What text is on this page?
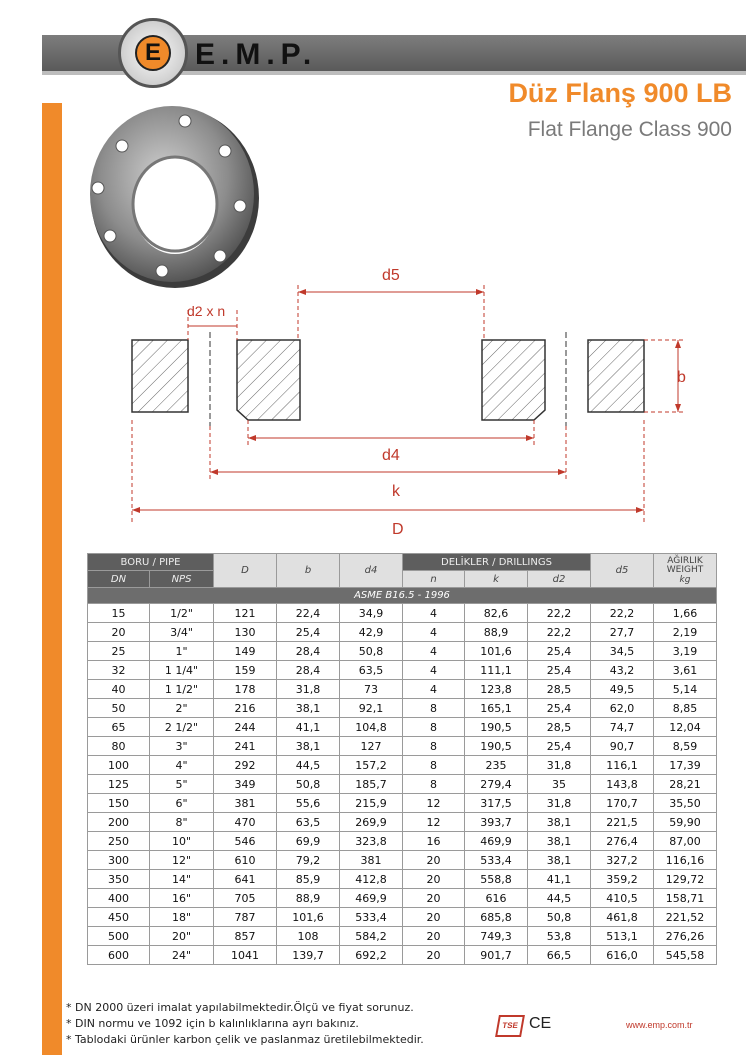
E	E.M.P.
Düz Flanş 900 LB
Flat Flange Class 900
d5
d2 x n
b
d4
k
D
BORU / PIPE		D	b	d4	DELİKLER / DRILLINGS			d5	AĞIRLIK
WEIGHT
kg

DN	NPS				n	k	d2		
ASME B16.5 - 1996									
15	1/2"	121	22,4	34,9	4	82,6	22,2	22,2	1,66
20	3/4"	130	25,4	42,9	4	88,9	22,2	27,7	2,19
25	1"	149	28,4	50,8	4	101,6	25,4	34,5	3,19
32	1 1/4"	159	28,4	63,5	4	111,1	25,4	43,2	3,61
40	1 1/2"	178	31,8	73	4	123,8	28,5	49,5	5,14
50	2"	216	38,1	92,1	8	165,1	25,4	62,0	8,85
65	2 1/2"	244	41,1	104,8	8	190,5	28,5	74,7	12,04
80	3"	241	38,1	127	8	190,5	25,4	90,7	8,59
100	4"	292	44,5	157,2	8	235	31,8	116,1	17,39
125	5"	349	50,8	185,7	8	279,4	35	143,8	28,21
150	6"	381	55,6	215,9	12	317,5	31,8	170,7	35,50
200	8"	470	63,5	269,9	12	393,7	38,1	221,5	59,90
250	10"	546	69,9	323,8	16	469,9	38,1	276,4	87,00
300	12"	610	79,2	381	20	533,4	38,1	327,2	116,16
350	14"	641	85,9	412,8	20	558,8	41,1	359,2	129,72
400	16"	705	88,9	469,9	20	616	44,5	410,5	158,71
450	18"	787	101,6	533,4	20	685,8	50,8	461,8	221,52
500	20"	857	108	584,2	20	749,3	53,8	513,1	276,26
600	24"	1041	139,7	692,2	20	901,7	66,5	616,0	545,58
* DN 2000 üzeri imalat yapılabilmektedir.Ölçü ve fiyat sorunuz.
* DIN normu ve 1092 için b kalınlıklarına ayrı bakınız.
* Tablodaki ürünler karbon çelik ve paslanmaz üretilebilmektedir.
TSE CE	www.emp.com.tr
